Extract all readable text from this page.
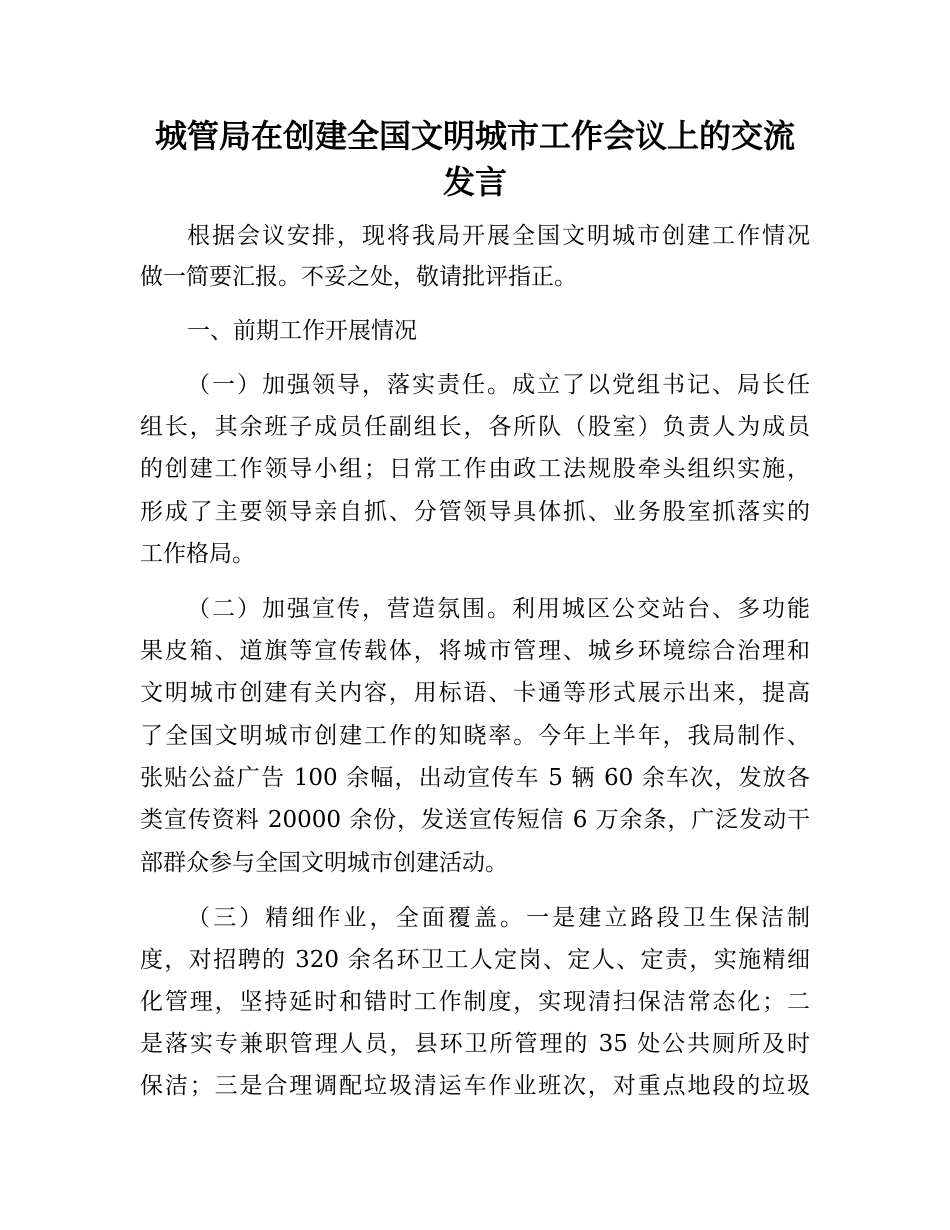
城管局在创建全国文明城市工作会议上的交流
发言
根据会议安排，现将我局开展全国文明城市创建工作情况
做一简要汇报。不妥之处，敬请批评指正。
一、前期工作开展情况
（一）加强领导，落实责任。成立了以党组书记、局长任
组长，其余班子成员任副组长，各所队（股室）负责人为成员
的创建工作领导小组；日常工作由政工法规股牵头组织实施，
形成了主要领导亲自抓、分管领导具体抓、业务股室抓落实的
工作格局。
（二）加强宣传，营造氛围。利用城区公交站台、多功能
果皮箱、道旗等宣传载体，将城市管理、城乡环境综合治理和
文明城市创建有关内容，用标语、卡通等形式展示出来，提高
了全国文明城市创建工作的知晓率。今年上半年，我局制作、
张贴公益广告 100 余幅，出动宣传车 5 辆 60 余车次，发放各
类宣传资料 20000 余份，发送宣传短信 6 万余条，广泛发动干
部群众参与全国文明城市创建活动。
（三）精细作业，全面覆盖。一是建立路段卫生保洁制
度，对招聘的 320 余名环卫工人定岗、定人、定责，实施精细
化管理，坚持延时和错时工作制度，实现清扫保洁常态化；二
是落实专兼职管理人员，县环卫所管理的 35 处公共厕所及时
保洁；三是合理调配垃圾清运车作业班次，对重点地段的垃圾
